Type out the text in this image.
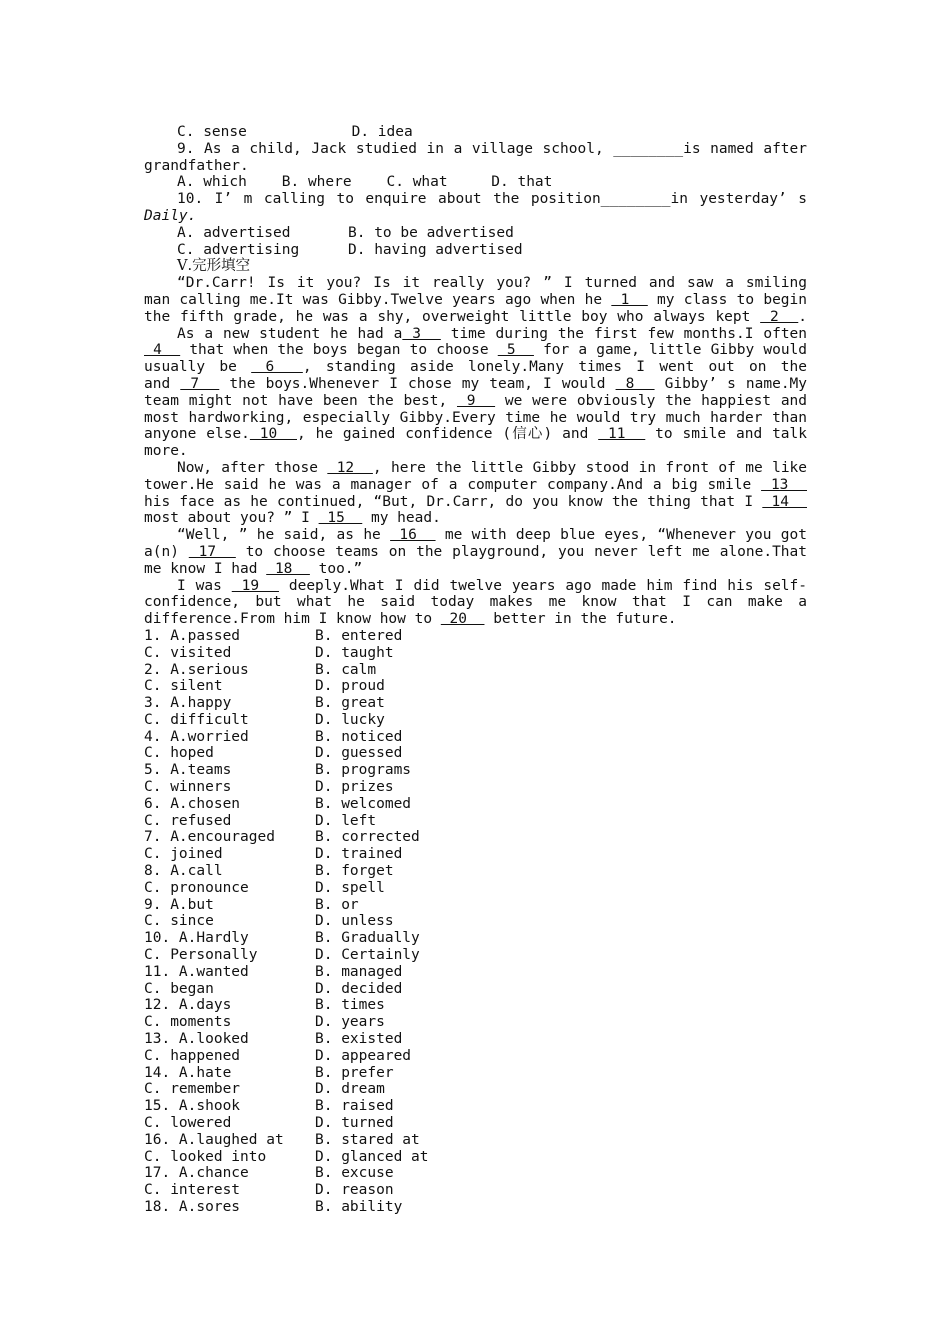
C. sense	D. idea
9. As a child, Jack studied in a village school, ________is named after
grandfather.
A. which    B. where    C. what     D. that
10. I’ m calling to enquire about the position________in yesterday’ s
Daily.
A. advertised	B. to be advertised
C. advertising	D. having advertised
Ⅴ.完形填空
“Dr.Carr! Is it you? Is it really you? ” I turned and saw a smiling
man calling me.It was Gibby.Twelve years ago when he  1   my class to begin
the fifth grade, he was a shy, overweight little boy who always kept  2  .
As a new student he had a 3   time during the first few months.I often
4   that when the boys began to choose  5   for a game, little Gibby would
usually be  6  , standing aside lonely.Many times I went out on the
and  7   the boys.Whenever I chose my team, I would  8   Gibby’ s name.My
team might not have been the best,  9   we were obviously the happiest and
most hardworking, especially Gibby.Every time he would try much harder than
anyone else. 10  , he gained confidence (信心) and  11   to smile and talk
more.
Now, after those  12  , here the little Gibby stood in front of me like
tower.He said he was a manager of a computer company.And a big smile  13
his face as he continued, “But, Dr.Carr, do you know the thing that I  14
most about you? ” I  15   my head.
“Well, ” he said, as he  16   me with deep blue eyes, “Whenever you got
a(n)  17   to choose teams on the playground, you never left me alone.That
me know I had  18   too.”
I was  19   deeply.What I did twelve years ago made him find his self-
confidence, but what he said today makes me know that I can make a
difference.From him I know how to  20   better in the future.
1. A.passed	B. entered
C. visited	D. taught
2. A.serious	B. calm
C. silent	D. proud
3. A.happy	B. great
C. difficult	D. lucky
4. A.worried	B. noticed
C. hoped	D. guessed
5. A.teams	B. programs
C. winners	D. prizes
6. A.chosen	B. welcomed
C. refused	D. left
7. A.encouraged	B. corrected
C. joined	D. trained
8. A.call	B. forget
C. pronounce	D. spell
9. A.but	B. or
C. since	D. unless
10. A.Hardly	B. Gradually
C. Personally	D. Certainly
11. A.wanted	B. managed
C. began	D. decided
12. A.days	B. times
C. moments	D. years
13. A.looked	B. existed
C. happened	D. appeared
14. A.hate	B. prefer
C. remember	D. dream
15. A.shook	B. raised
C. lowered	D. turned
16. A.laughed at	B. stared at
C. looked into	D. glanced at
17. A.chance	B. excuse
C. interest	D. reason
18. A.sores	B. ability
